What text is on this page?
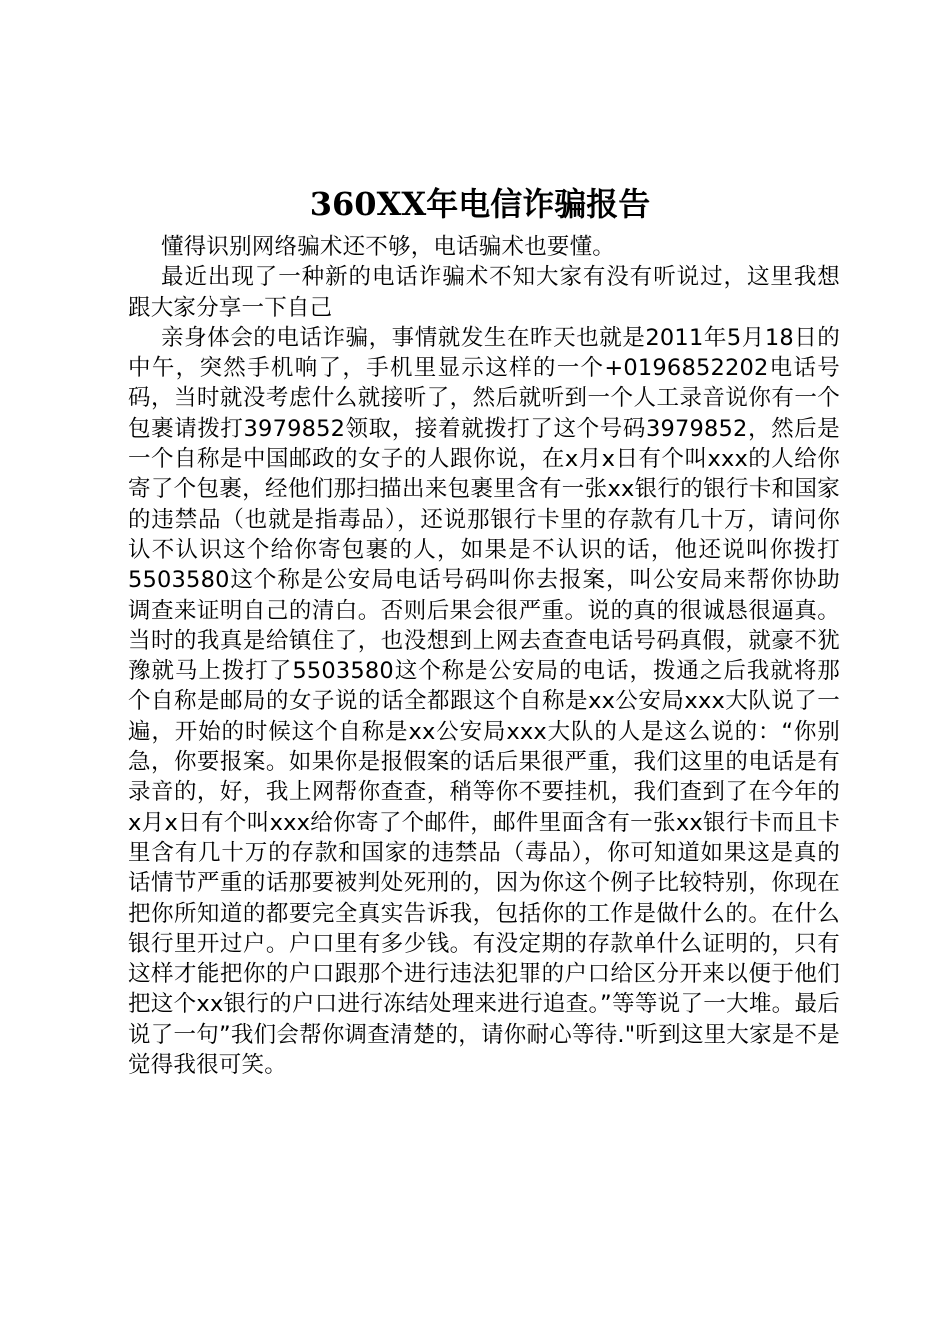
360XX年电信诈骗报告

懂得识别网络骗术还不够，电话骗术也要懂。

最近出现了一种新的电话诈骗术不知大家有没有听说过，这里我想跟大家分享一下自己

亲身体会的电话诈骗，事情就发生在昨天也就是2011年5月18日的中午，突然手机响了，手机里显示这样的一个+0196852202电话号码，当时就没考虑什么就接听了，然后就听到一个人工录音说你有一个包裹请拨打3979852领取，接着就拨打了这个号码3979852，然后是一个自称是中国邮政的女子的人跟你说，在x月x日有个叫xxx的人给你寄了个包裹，经他们那扫描出来包裹里含有一张xx银行的银行卡和国家的违禁品（也就是指毒品），还说那银行卡里的存款有几十万，请问你认不认识这个给你寄包裹的人，如果是不认识的话，他还说叫你拨打5503580这个称是公安局电话号码叫你去报案，叫公安局来帮你协助调查来证明自己的清白。否则后果会很严重。说的真的很诚恳很逼真。当时的我真是给镇住了，也没想到上网去查查电话号码真假，就豪不犹豫就马上拨打了5503580这个称是公安局的电话，拨通之后我就将那个自称是邮局的女子说的话全都跟这个自称是xx公安局xxx大队说了一遍，开始的时候这个自称是xx公安局xxx大队的人是这么说的：“你别急，你要报案。如果你是报假案的话后果很严重，我们这里的电话是有录音的，好，我上网帮你查查，稍等你不要挂机，我们查到了在今年的x月x日有个叫xxx给你寄了个邮件，邮件里面含有一张xx银行卡而且卡里含有几十万的存款和国家的违禁品（毒品），你可知道如果这是真的话情节严重的话那要被判处死刑的，因为你这个例子比较特别，你现在把你所知道的都要完全真实告诉我，包括你的工作是做什么的。在什么银行里开过户。户口里有多少钱。有没定期的存款单什么证明的，只有这样才能把你的户口跟那个进行违法犯罪的户口给区分开来以便于他们把这个xx银行的户口进行冻结处理来进行追查。”等等说了一大堆。最后说了一句”我们会帮你调查清楚的，请你耐心等待."听到这里大家是不是觉得我很可笑。
